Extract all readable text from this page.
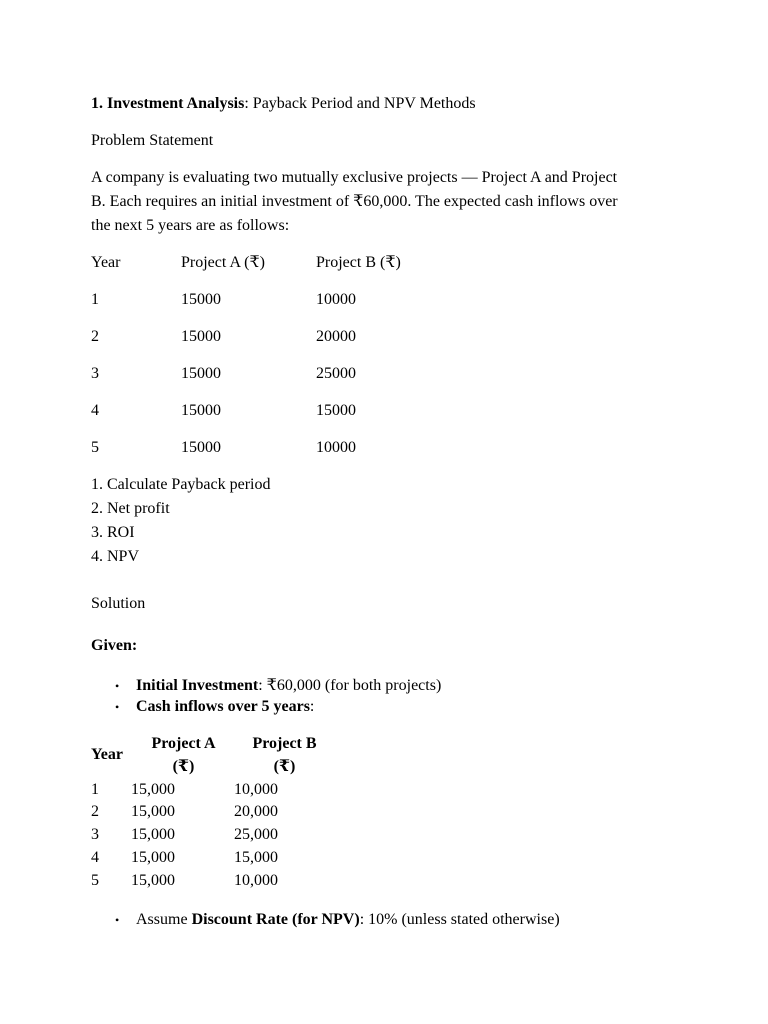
1. Investment Analysis: Payback Period and NPV Methods
Problem Statement
A company is evaluating two mutually exclusive projects — Project A and Project
B. Each requires an initial investment of ₹60,000. The expected cash inflows over
the next 5 years are as follows:
Year	Project A (₹)	Project B (₹)
1	15000	10000
2	15000	20000
3	15000	25000
4	15000	15000
5	15000	10000
1. Calculate Payback period
2. Net profit
3. ROI
4. NPV
Solution
Given:
• Initial Investment: ₹60,000 (for both projects)
• Cash inflows over 5 years:
Year	Project A (₹)	Project B (₹)

1	15,000	10,000
2	15,000	20,000
3	15,000	25,000
4	15,000	15,000
5	15,000	10,000
• Assume Discount Rate (for NPV): 10% (unless stated otherwise)
